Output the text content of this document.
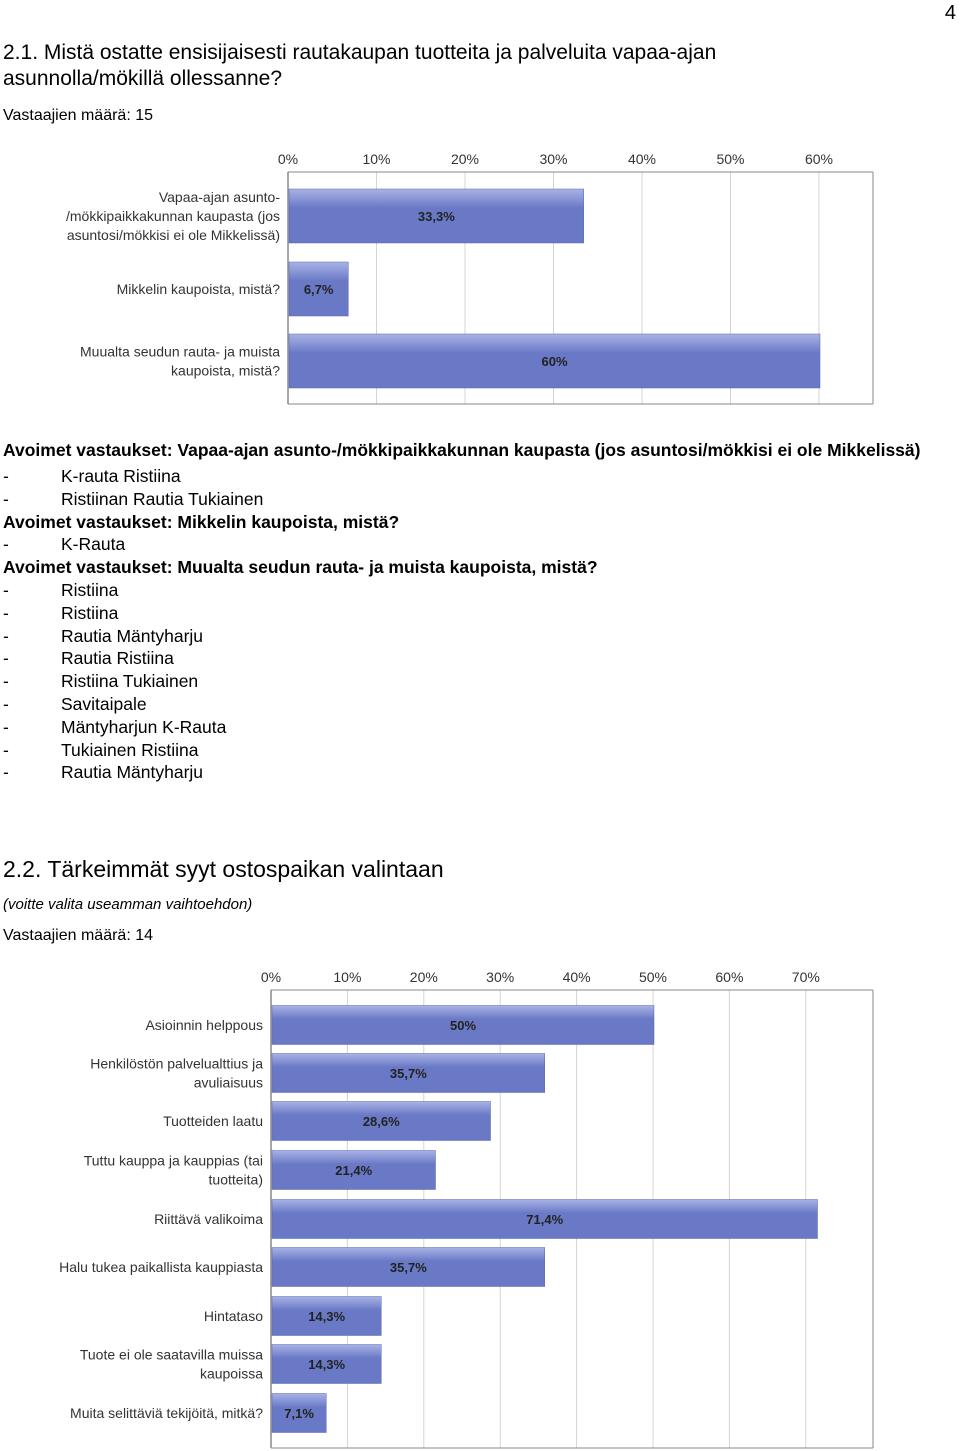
4
2.1. Mistä ostatte ensisijaisesti rautakaupan tuotteita ja palveluita vapaa-ajan asunnolla/mökillä ollessanne?
Vastaajien määrä: 15
0%	10%	20%	30%	40%	50%	60%
33,3%
Vapaa-ajan asunto-
/mökkipaikkakunnan kaupasta (jos
asuntosi/mökkisi ei ole Mikkelissä)
6,7%
Mikkelin kaupoista, mistä?
60%
Muualta seudun rauta- ja muista
kaupoista, mistä?
Avoimet vastaukset: Vapaa-ajan asunto-/mökkipaikkakunnan kaupasta (jos asuntosi/mökkisi ei ole Mikkelissä)
-	K-rauta Ristiina
-	Ristiinan Rautia Tukiainen
Avoimet vastaukset: Mikkelin kaupoista, mistä?
-	K-Rauta
Avoimet vastaukset: Muualta seudun rauta- ja muista kaupoista, mistä?
-	Ristiina
-	Ristiina
-	Rautia Mäntyharju
-	Rautia Ristiina
-	Ristiina Tukiainen
-	Savitaipale
-	Mäntyharjun K-Rauta
-	Tukiainen Ristiina
-	Rautia Mäntyharju
2.2. Tärkeimmät syyt ostospaikan valintaan
(voitte valita useamman vaihtoehdon)
Vastaajien määrä: 14
0%	10%	20%	30%	40%	50%	60%	70%
50%
Asioinnin helppous
35,7%
Henkilöstön palvelualttius ja
avuliaisuus
28,6%
Tuotteiden laatu
21,4%
Tuttu kauppa ja kauppias (tai
tuotteita)
71,4%
Riittävä valikoima
35,7%
Halu tukea paikallista kauppiasta
14,3%
Hintataso
14,3%
Tuote ei ole saatavilla muissa
kaupoissa
7,1%
Muita selittäviä tekijöitä, mitkä?
